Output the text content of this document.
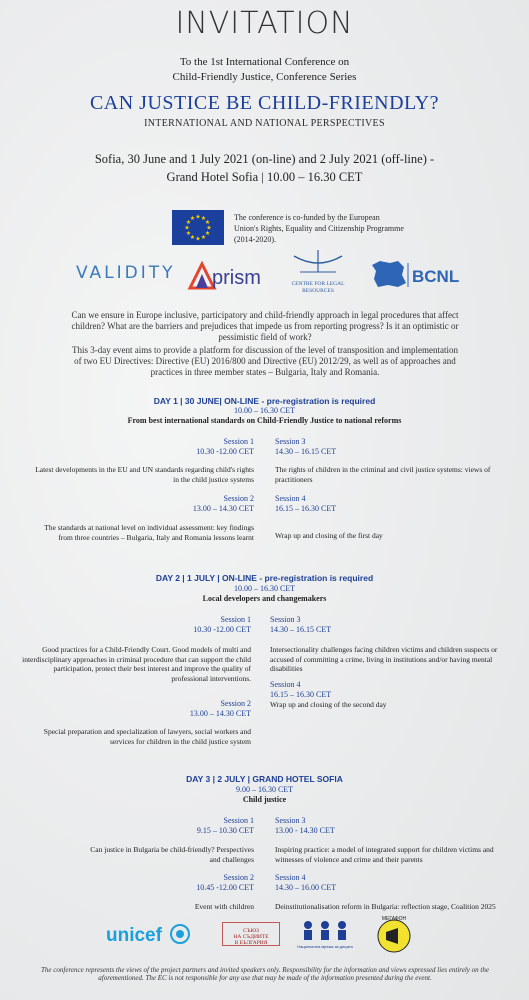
INVITATION
To the 1st International Conference on
Child-Friendly Justice, Conference Series
CAN JUSTICE BE CHILD-FRIENDLY?
INTERNATIONAL AND NATIONAL PERSPECTIVES
Sofia, 30 June and 1 July 2021 (on-line) and 2 July 2021 (off-line) -
Grand Hotel Sofia | 10.00 – 16.30 CET
★
★
★
★
★
★
★
★
★ ★ ★
★
The conference is co-funded by the European Union's Rights, Equality and Citizenship Programme (2014-2020).
VALIDITY prism	CENTRE FOR LEGAL RESOURCES
BCNL
Can we ensure in Europe inclusive, participatory and child-friendly approach in legal procedures that affect children? What are the barriers and prejudices that impede us from reporting progress? Is it an optimistic or pessimistic field of work?
This 3-day event aims to provide a platform for discussion of the level of transposition and implementation of two EU Directives: Directive (EU) 2016/800 and Directive (EU) 2012/29, as well as of approaches and practices in three member states – Bulgaria, Italy and Romania.
DAY 1 | 30 JUNE| ON-LINE - pre-registration is required
10.00 – 16.30 CET
From best international standards on Child-Friendly Justice to national reforms
Session 1
10.30 -12.00 CET
Latest developments in the EU and UN standards regarding child's rights in the child justice systems
Session 2
13.00 – 14.30 CET
The standards at national level on individual assessment: key findings from three countries – Bulgaria, Italy and Romania lessons learnt
Session 3
14.30 – 16.15 CET
The rights of children in the criminal and civil justice systems: views of practitioners
Session 4
16.15 – 16.30 CET
Wrap up and closing of the first day
DAY 2 | 1 JULY | ON-LINE - pre-registration is required
10.00 – 16.30 CET
Local developers and changemakers
Session 1
10.30 -12.00 CET
Good practices for a Child-Friendly Court. Good models of multi and interdisciplinary approaches in criminal procedure that can support the child participation, protect their best interest and improve the quality of professional interventions.
Session 2
13.00 – 14.30 CET
Special preparation and specialization of lawyers, social workers and services for children in the child justice system
Session 3
14.30 – 16.15 CET
Intersectionality challenges facing children victims and children suspects or accused of committing a crime, living in institutions and/or having mental disabilities
Session 4
16.15 – 16.30 CET
Wrap up and closing of the second day
DAY 3 | 2 JULY | GRAND HOTEL SOFIA
9.00 – 16.30 CET
Child justice
Session 1
9.15 – 10.30 CET
Can justice in Bulgaria be child-friendly? Perspectives and challenges
Session 2
10.45 -12.00 CET
Event with children
Session 3
13.00 - 14.30 CET
Inspiring practice: a model of integrated support for children victims and witnesses of violence and crime and their parents
Session 4
14.30 – 16.00 CET
Deinstitutionalisation reform in Bulgaria: reflection stage, Coalition 2025
unicef	СЪЮЗ
НА СЪДИИТЕ
В БЪЛГАРИЯ
Национална мрежа за децата
МЕГАФОН
The conference represents the views of the project partners and invited speakers only. Responsibility for the information and views expressed lies entirely on the aforementioned. The EC is not responsible for any use that may be made of the information presented during the event.
